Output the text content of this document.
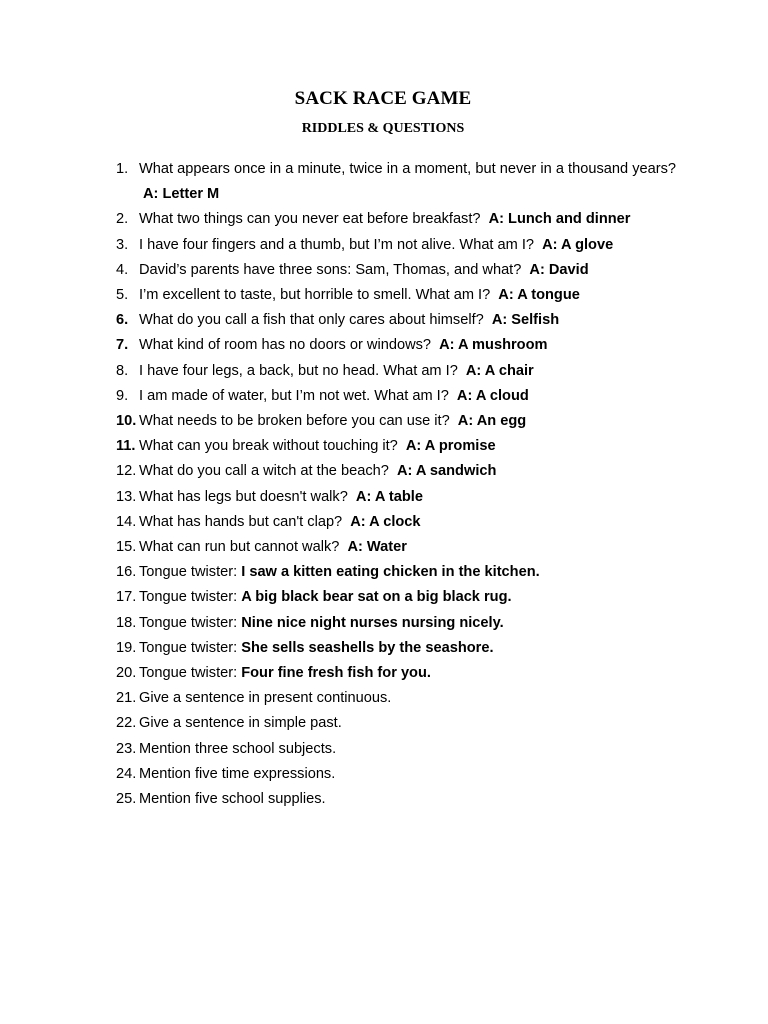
SACK RACE GAME
RIDDLES & QUESTIONS
1. What appears once in a minute, twice in a moment, but never in a thousand years? A: Letter M
2. What two things can you never eat before breakfast? A: Lunch and dinner
3. I have four fingers and a thumb, but I’m not alive. What am I? A: A glove
4. David’s parents have three sons: Sam, Thomas, and what? A: David
5. I’m excellent to taste, but horrible to smell. What am I? A: A tongue
6. What do you call a fish that only cares about himself? A: Selfish
7. What kind of room has no doors or windows? A: A mushroom
8. I have four legs, a back, but no head. What am I? A: A chair
9. I am made of water, but I’m not wet. What am I? A: A cloud
10. What needs to be broken before you can use it? A: An egg
11. What can you break without touching it? A: A promise
12. What do you call a witch at the beach? A: A sandwich
13. What has legs but doesn't walk? A: A table
14. What has hands but can't clap? A: A clock
15. What can run but cannot walk? A: Water
16. Tongue twister: I saw a kitten eating chicken in the kitchen.
17. Tongue twister: A big black bear sat on a big black rug.
18. Tongue twister: Nine nice night nurses nursing nicely.
19. Tongue twister: She sells seashells by the seashore.
20. Tongue twister: Four fine fresh fish for you.
21. Give a sentence in present continuous.
22. Give a sentence in simple past.
23. Mention three school subjects.
24. Mention five time expressions.
25. Mention five school supplies.
